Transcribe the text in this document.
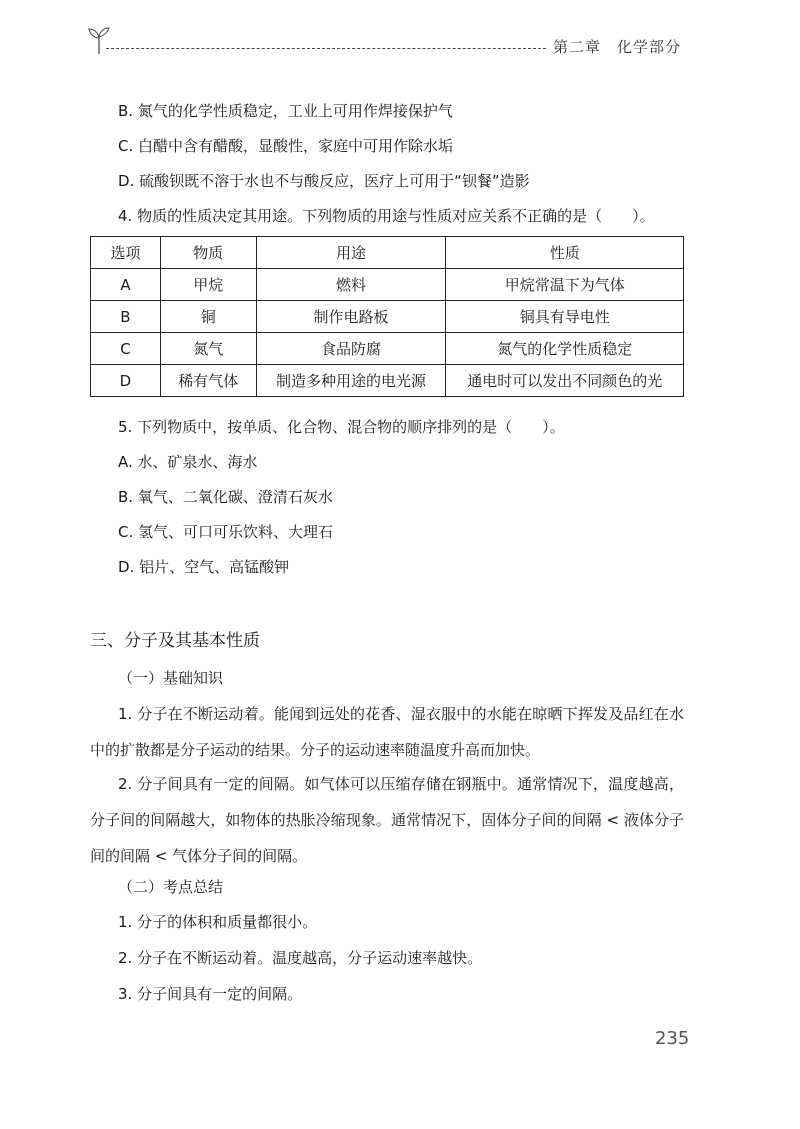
第二章　化学部分
B. 氮气的化学性质稳定，工业上可用作焊接保护气
C. 白醋中含有醋酸，显酸性，家庭中可用作除水垢
D. 硫酸钡既不溶于水也不与酸反应，医疗上可用于“钡餐”造影
4. 物质的性质决定其用途。下列物质的用途与性质对应关系不正确的是（　　）。
选项	物质	用途	性质
A	甲烷	燃料	甲烷常温下为气体
B	铜	制作电路板	铜具有导电性
C	氮气	食品防腐	氮气的化学性质稳定
D	稀有气体	制造多种用途的电光源	通电时可以发出不同颜色的光
5. 下列物质中，按单质、化合物、混合物的顺序排列的是（　　）。
A. 水、矿泉水、海水
B. 氧气、二氧化碳、澄清石灰水
C. 氢气、可口可乐饮料、大理石
D. 铝片、空气、高锰酸钾
三、分子及其基本性质
（一）基础知识
1. 分子在不断运动着。能闻到远处的花香、湿衣服中的水能在晾晒下挥发及品红在水中的扩散都是分子运动的结果。分子的运动速率随温度升高而加快。
2. 分子间具有一定的间隔。如气体可以压缩存储在钢瓶中。通常情况下，温度越高，分子间的间隔越大，如物体的热胀冷缩现象。通常情况下，固体分子间的间隔 < 液体分子间的间隔 < 气体分子间的间隔。
（二）考点总结
1. 分子的体积和质量都很小。
2. 分子在不断运动着。温度越高，分子运动速率越快。
3. 分子间具有一定的间隔。
235
